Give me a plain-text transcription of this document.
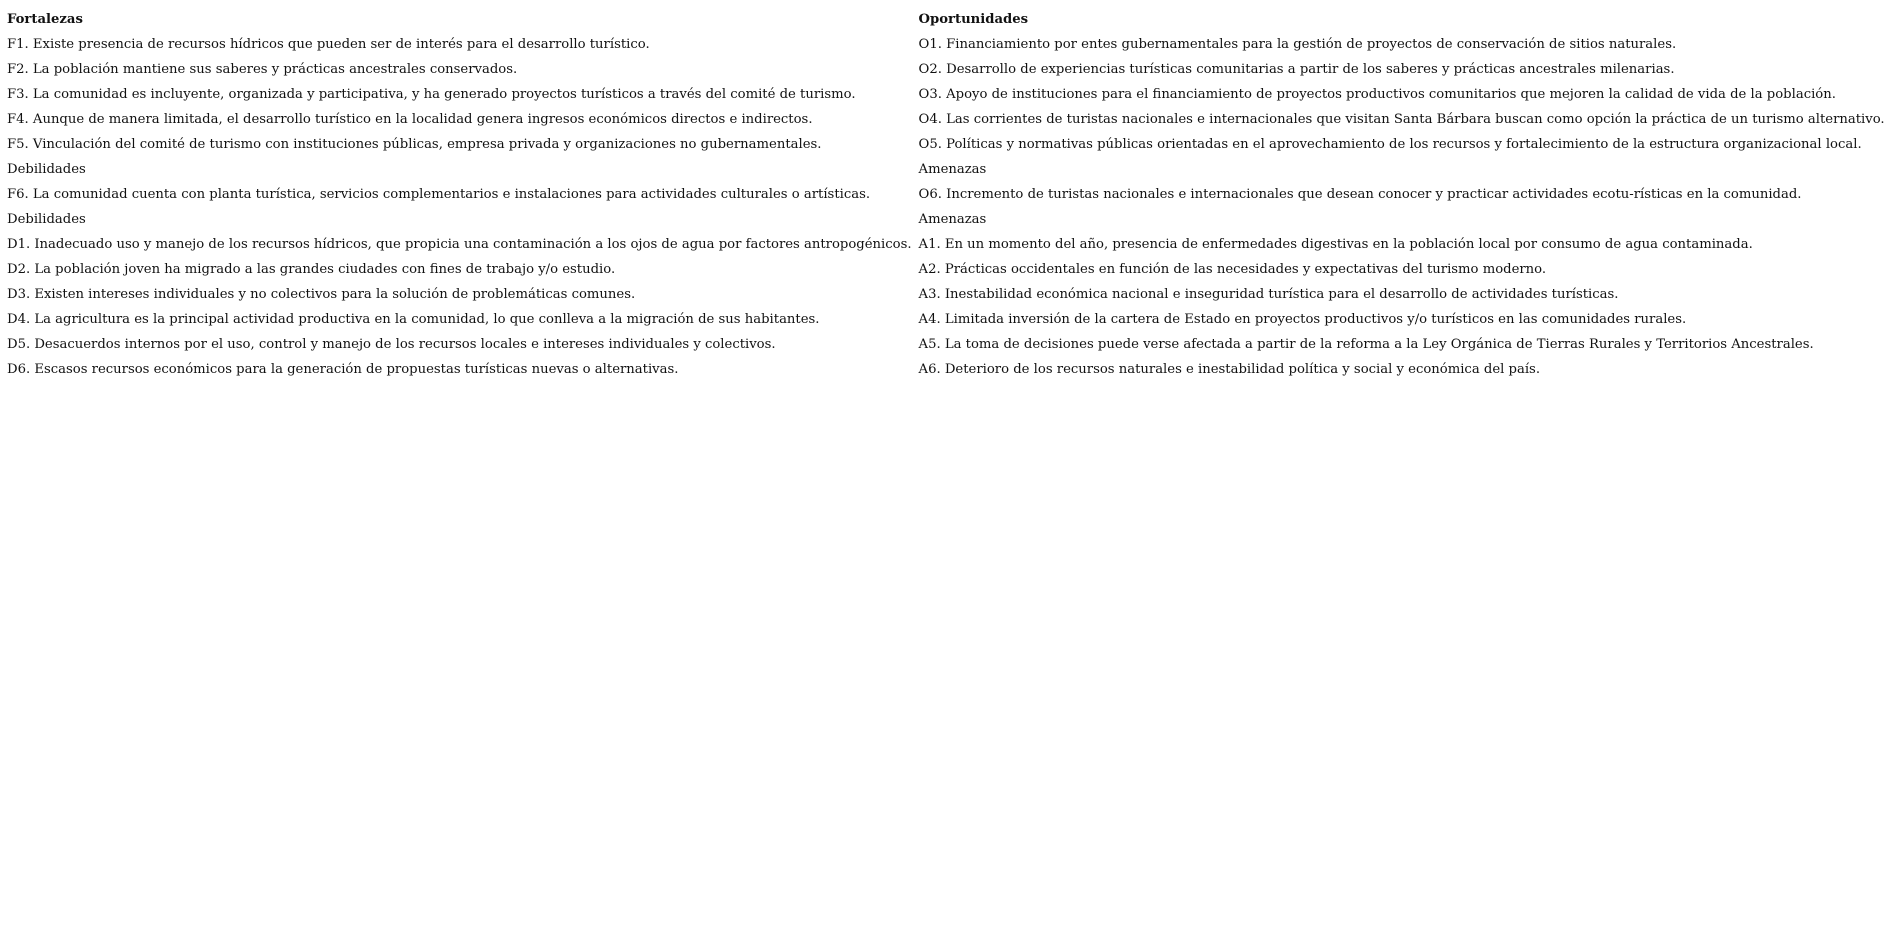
Fortalezas	Oportunidades
F1. Existe presencia de recursos hídricos que pueden ser de interés para el desarrollo turístico.	O1. Financiamiento por entes gubernamentales para la gestión de proyectos de conservación de sitios naturales.
F2. La población mantiene sus saberes y prácticas ancestrales conservados.	O2. Desarrollo de experiencias turísticas comunitarias a partir de los saberes y prácticas ancestrales milenarias.
F3. La comunidad es incluyente, organizada y participativa, y ha generado proyectos turísticos a través del comité de turismo.	O3. Apoyo de instituciones para el financiamiento de proyectos productivos comunitarios que mejoren la calidad de vida de la población.
F4. Aunque de manera limitada, el desarrollo turístico en la localidad genera ingresos económicos directos e indirectos.	O4. Las corrientes de turistas nacionales e internacionales que visitan Santa Bárbara buscan como opción la práctica de un turismo alternativo.
F5. Vinculación del comité de turismo con instituciones públicas, empresa privada y organizaciones no gubernamentales.	O5. Políticas y normativas públicas orientadas en el aprovechamiento de los recursos y fortalecimiento de la estructura organizacional local.
Debilidades	Amenazas
F6. La comunidad cuenta con planta turística, servicios complementarios e instalaciones para actividades culturales o artísticas.	O6. Incremento de turistas nacionales e internacionales que desean conocer y practicar actividades ecotu-rísticas en la comunidad.
Debilidades	Amenazas
D1. Inadecuado uso y manejo de los recursos hídricos, que propicia una contaminación a los ojos de agua por factores antropogénicos.	A1. En un momento del año, presencia de enfermedades digestivas en la población local por consumo de agua contaminada.
D2. La población joven ha migrado a las grandes ciudades con fines de trabajo y/o estudio.	A2. Prácticas occidentales en función de las necesidades y expectativas del turismo moderno.
D3. Existen intereses individuales y no colectivos para la solución de problemáticas comunes.	A3. Inestabilidad económica nacional e inseguridad turística para el desarrollo de actividades turísticas.
D4. La agricultura es la principal actividad productiva en la comunidad, lo que conlleva a la migración de sus habitantes.	A4. Limitada inversión de la cartera de Estado en proyectos productivos y/o turísticos en las comunidades rurales.
D5. Desacuerdos internos por el uso, control y manejo de los recursos locales e intereses individuales y colectivos.	A5. La toma de decisiones puede verse afectada a partir de la reforma a la Ley Orgánica de Tierras Rurales y Territorios Ancestrales.
D6. Escasos recursos económicos para la generación de propuestas turísticas nuevas o alternativas.	A6. Deterioro de los recursos naturales e inestabilidad política y social y económica del país.
